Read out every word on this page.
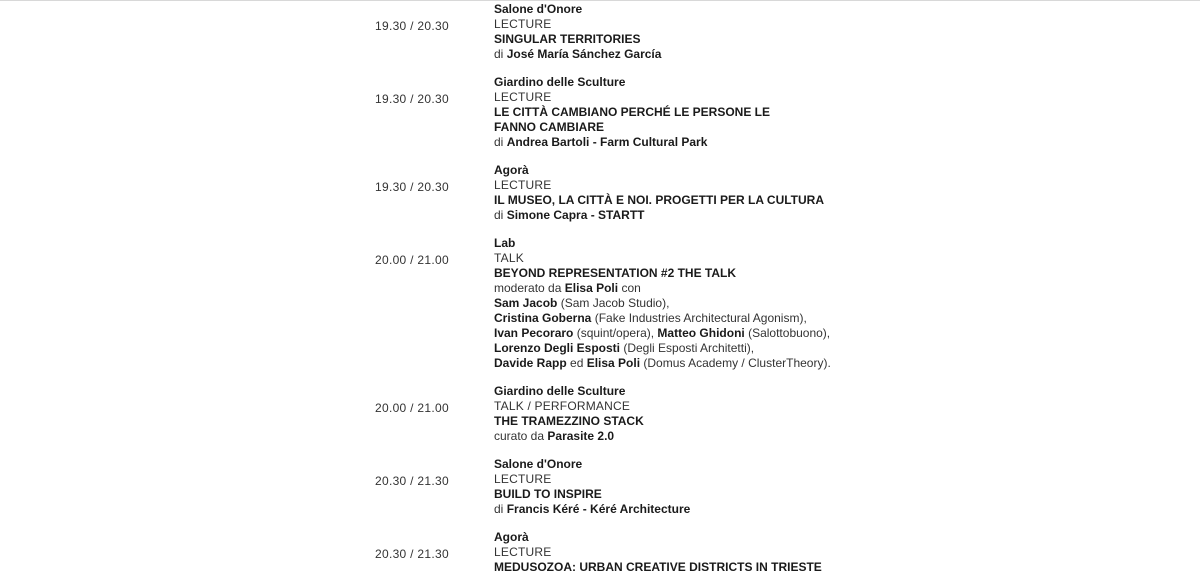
19.30 / 20.30
Salone d'Onore
LECTURE
SINGULAR TERRITORIES
di José María Sánchez García
19.30 / 20.30
Giardino delle Sculture
LECTURE
LE CITTÀ CAMBIANO PERCHÉ LE PERSONE LE FANNO CAMBIARE
di Andrea Bartoli - Farm Cultural Park
19.30 / 20.30
Agorà
LECTURE
IL MUSEO, LA CITTÀ E NOI. PROGETTI PER LA CULTURA
di Simone Capra - STARTT
20.00 / 21.00
Lab
TALK
BEYOND REPRESENTATION #2 THE TALK
moderato da Elisa Poli con
Sam Jacob (Sam Jacob Studio),
Cristina Goberna (Fake Industries Architectural Agonism),
Ivan Pecoraro (squint/opera), Matteo Ghidoni (Salottobuono),
Lorenzo Degli Esposti (Degli Esposti Architetti),
Davide Rapp ed Elisa Poli (Domus Academy / ClusterTheory).
20.00 / 21.00
Giardino delle Sculture
TALK / PERFORMANCE
THE TRAMEZZINO STACK
curato da Parasite 2.0
20.30 / 21.30
Salone d'Onore
LECTURE
BUILD TO INSPIRE
di Francis Kéré - Kéré Architecture
20.30 / 21.30
Agorà
LECTURE
MEDUSOZOA: URBAN CREATIVE DISTRICTS IN TRIESTE
